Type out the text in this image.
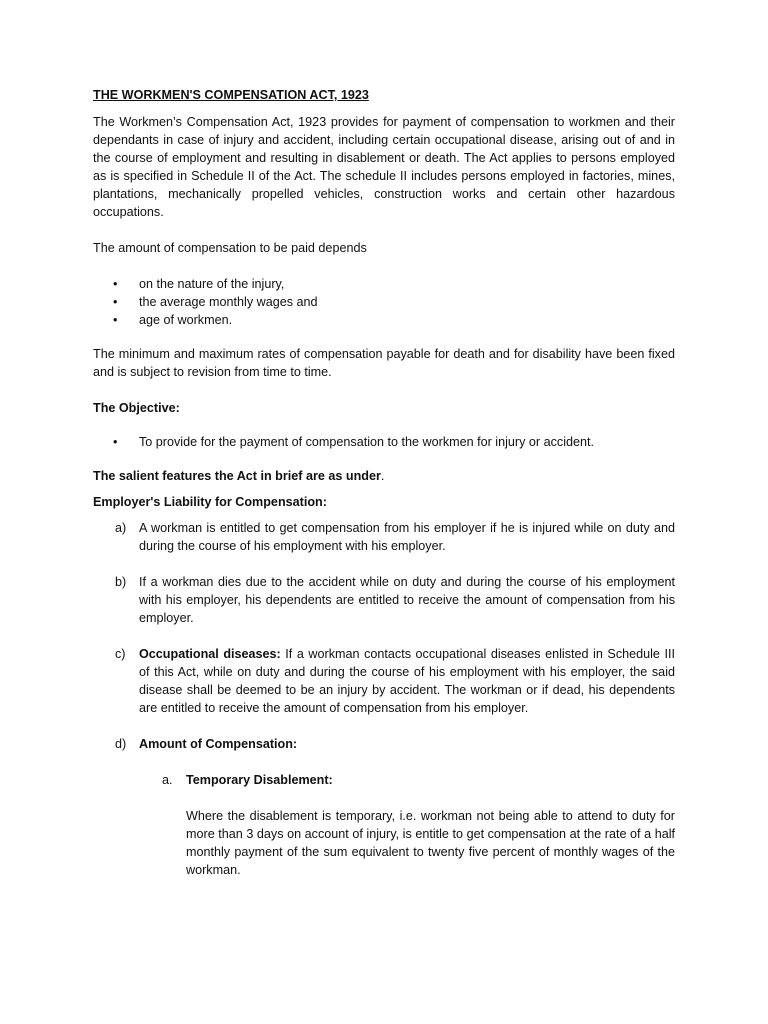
THE WORKMEN'S COMPENSATION ACT, 1923

The Workmen’s Compensation Act, 1923 provides for payment of compensation to workmen and their dependants in case of injury and accident, including certain occupational disease, arising out of and in the course of employment and resulting in disablement or death. The Act applies to persons employed as is specified in Schedule II of the Act. The schedule II includes persons employed in factories, mines, plantations, mechanically propelled vehicles, construction works and certain other hazardous occupations.

The amount of compensation to be paid depends

• on the nature of the injury,
• the average monthly wages and
• age of workmen.

The minimum and maximum rates of compensation payable for death and for disability have been fixed and is subject to revision from time to time.

The Objective:

• To provide for the payment of compensation to the workmen for injury or accident.

The salient features the Act in brief are as under.

Employer's Liability for Compensation:

a) A workman is entitled to get compensation from his employer if he is injured while on duty and during the course of his employment with his employer.
b) If a workman dies due to the accident while on duty and during the course of his employment with his employer, his dependents are entitled to receive the amount of compensation from his employer.
c) Occupational diseases: If a workman contacts occupational diseases enlisted in Schedule III of this Act, while on duty and during the course of his employment with his employer, the said disease shall be deemed to be an injury by accident. The workman or if dead, his dependents are entitled to receive the amount of compensation from his employer.
d) Amount of Compensation:

a. Temporary Disablement:

Where the disablement is temporary, i.e. workman not being able to attend to duty for more than 3 days on account of injury, is entitle to get compensation at the rate of a half monthly payment of the sum equivalent to twenty five percent of monthly wages of the workman.
